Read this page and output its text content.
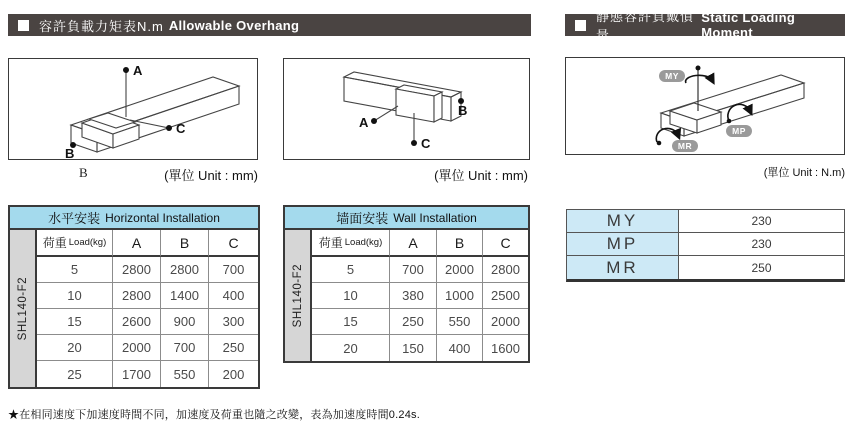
容許負載力矩表N.m Allowable Overhang
靜態容許負戴慣量
Static Loading Moment
A
C
B
B	(單位 Unit : mm)
A
C
B
(單位 Unit : mm)
MY
MP
MR
(單位 Unit : N.m)
水平安装 Horizontal Installation
SHL140-F2
荷重 Load(kg)	A	B	C
5	2800	2800	700
10	2800	1400	400
15	2600	900	300
20	2000	700	250
25	1700	550	200
墙面安装 Wall Installation
SHL140-F2
荷重 Load(kg)	A	B	C
5	700	2000	2800
10	380	1000	2500
15	250	550	2000
20	150	400	1600
MY	230
MP	230
MR	250
★在相同速度下加速度時間不同，加速度及荷重也隨之改變，表為加速度時間0.24s.
